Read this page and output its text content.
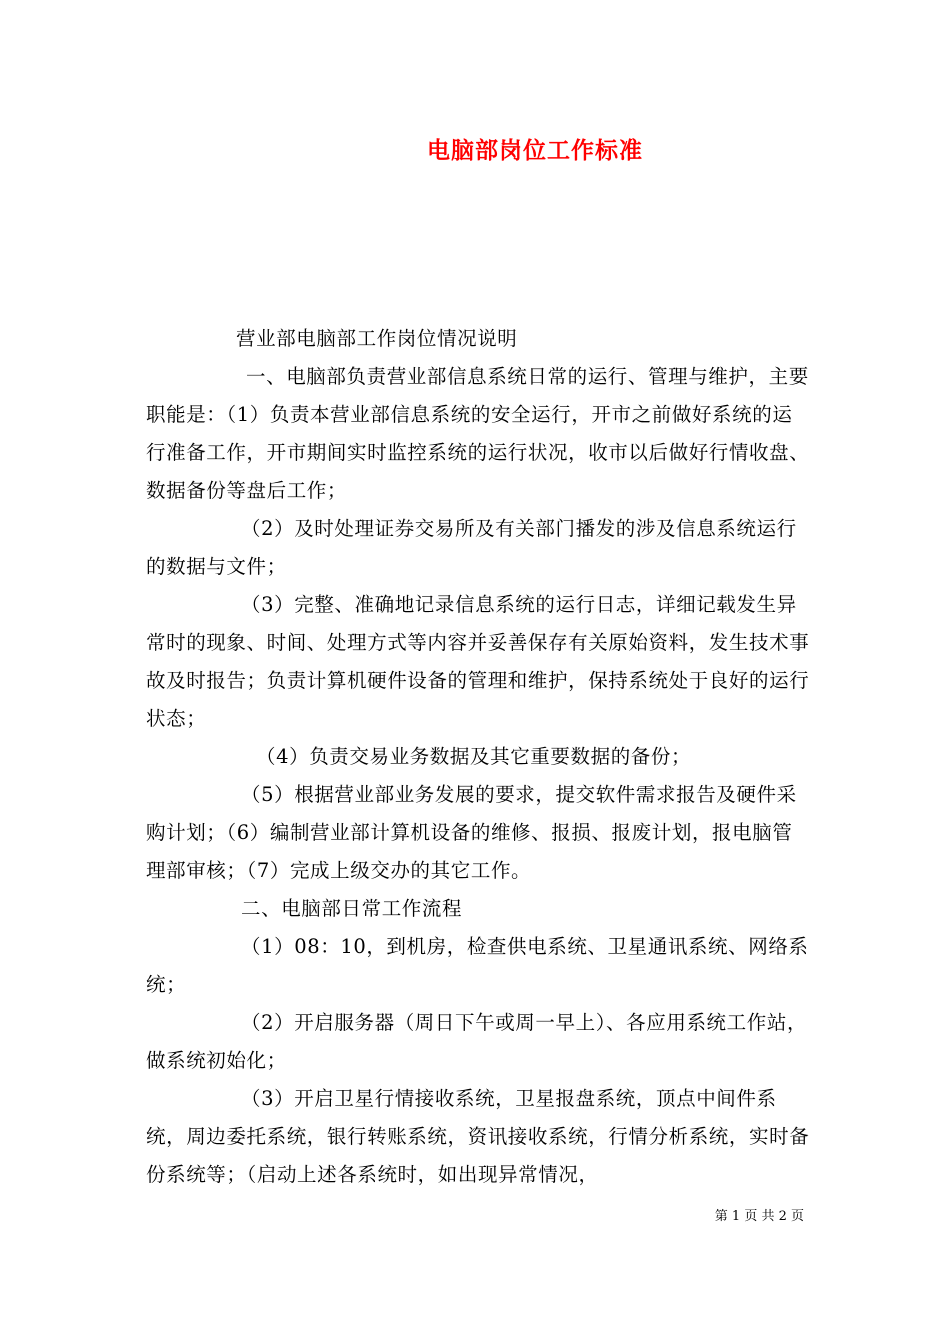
电脑部岗位工作标准

营业部电脑部工作岗位情况说明

一、电脑部负责营业部信息系统日常的运行、管理与维护，主要职能是：（1）负责本营业部信息系统的安全运行，开市之前做好系统的运行准备工作，开市期间实时监控系统的运行状况，收市以后做好行情收盘、数据备份等盘后工作；

（2）及时处理证券交易所及有关部门播发的涉及信息系统运行的数据与文件；

（3）完整、准确地记录信息系统的运行日志，详细记载发生异常时的现象、时间、处理方式等内容并妥善保存有关原始资料，发生技术事故及时报告；负责计算机硬件设备的管理和维护，保持系统处于良好的运行状态；

（4）负责交易业务数据及其它重要数据的备份；

（5）根据营业部业务发展的要求，提交软件需求报告及硬件采购计划；（6）编制营业部计算机设备的维修、报损、报废计划，报电脑管理部审核；（7）完成上级交办的其它工作。

二、电脑部日常工作流程

（1）08：10，到机房，检查供电系统、卫星通讯系统、网络系统；

（2）开启服务器（周日下午或周一早上）、各应用系统工作站，做系统初始化；

（3）开启卫星行情接收系统，卫星报盘系统，顶点中间件系统，周边委托系统，银行转账系统，资讯接收系统，行情分析系统，实时备份系统等；（启动上述各系统时，如出现异常情况，

第 1 页 共 2 页
